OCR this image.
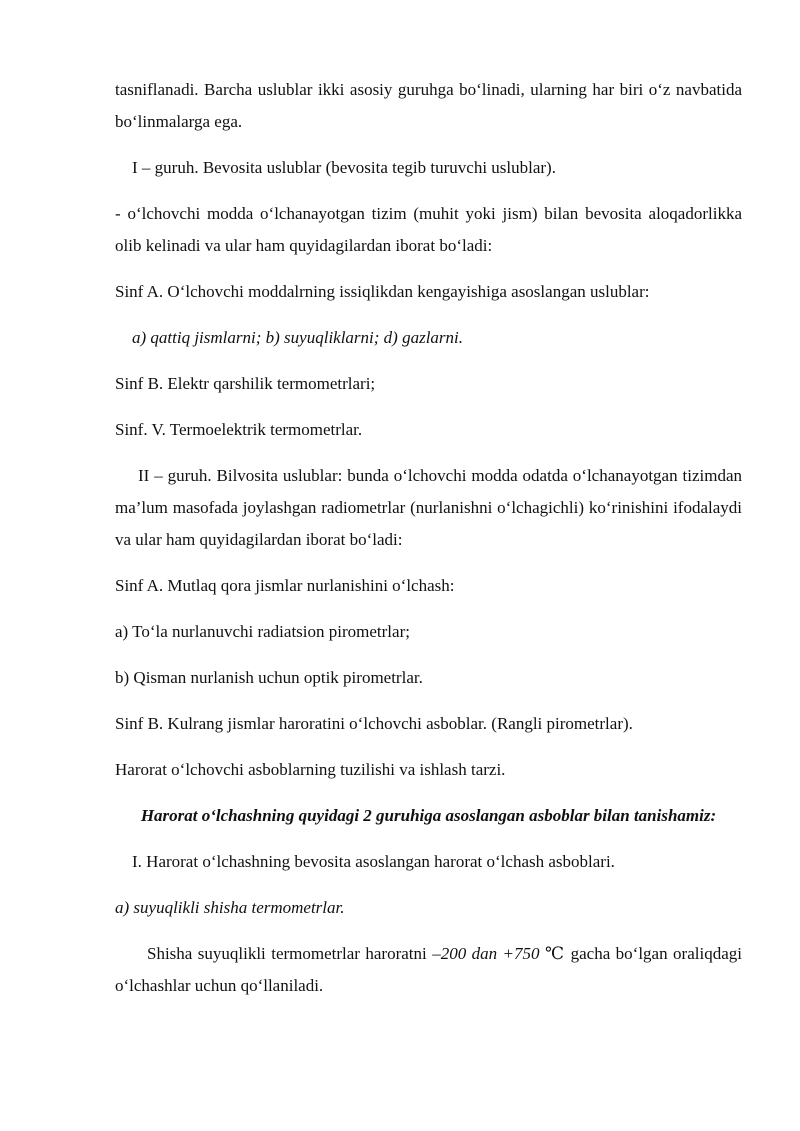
tasniflanadi. Barcha uslublar ikki asosiy guruhga bo‘linadi, ularning har biri o‘z navbatida bo‘linmalarga ega.

I – guruh. Bevosita uslublar (bevosita tegib turuvchi uslublar).

- o‘lchovchi modda o‘lchanayotgan tizim (muhit yoki jism) bilan bevosita aloqadorlikka olib kelinadi va ular ham quyidagilardan iborat bo‘ladi:

Sinf A. O‘lchovchi moddalrning issiqlikdan kengayishiga asoslangan uslublar:

a) qattiq jismlarni; b) suyuqliklarni; d) gazlarni.

Sinf B. Elektr qarshilik termometrlari;

Sinf. V. Termoelektrik termometrlar.

II – guruh. Bilvosita uslublar: bunda o‘lchovchi modda odatda o‘lchanayotgan tizimdan ma’lum masofada joylashgan radiometrlar (nurlanishni o‘lchagichli) ko‘rinishini ifodalaydi va ular ham quyidagilardan iborat bo‘ladi:

Sinf A. Mutlaq qora jismlar nurlanishini o‘lchash:

a) To‘la nurlanuvchi radiatsion pirometrlar;

b) Qisman nurlanish uchun optik pirometrlar.

Sinf B. Kulrang jismlar haroratini o‘lchovchi asboblar. (Rangli pirometrlar).

Harorat o‘lchovchi asboblarning tuzilishi va ishlash tarzi.

Harorat o‘lchashning quyidagi 2 guruhiga asoslangan asboblar bilan tanishamiz:

I. Harorat o‘lchashning bevosita asoslangan harorat o‘lchash asboblari.

a) suyuqlikli shisha termometrlar.

Shisha suyuqlikli termometrlar haroratni –200 dan +750 ℃ gacha bo‘lgan oraliqdagi o‘lchashlar uchun qo‘llaniladi.
